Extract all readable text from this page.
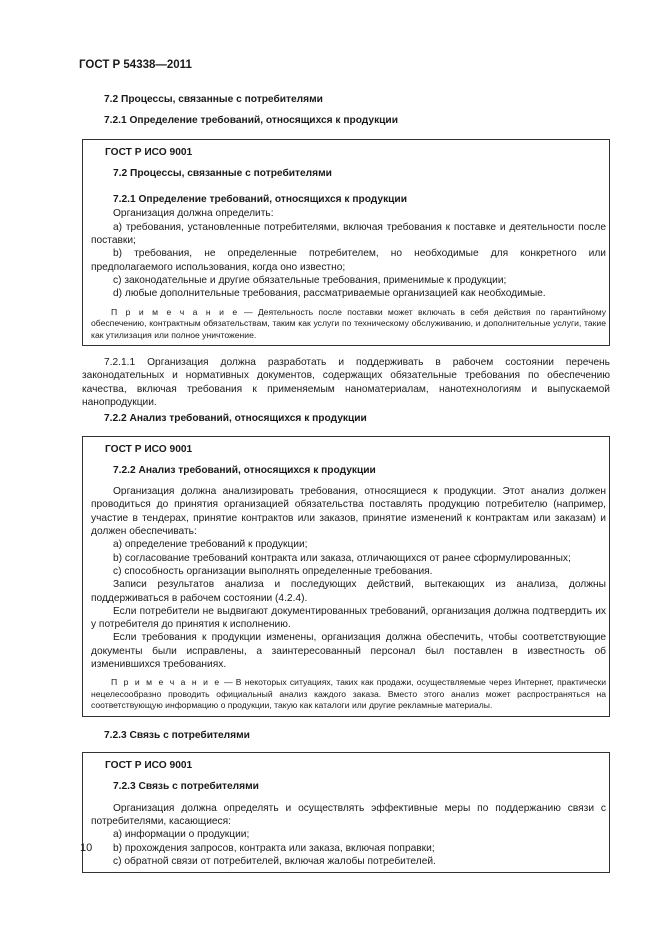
ГОСТ Р 54338—2011

7.2 Процессы, связанные с потребителями

7.2.1 Определение требований, относящихся к продукции

ГОСТ Р ИСО 9001

7.2 Процессы, связанные с потребителями

7.2.1 Определение требований, относящихся к продукции

Организация должна определить:

a) требования, установленные потребителями, включая требования к поставке и деятельности после поставки;

b) требования, не определенные потребителем, но необходимые для конкретного или предполагаемого использования, когда оно известно;

c) законодательные и другие обязательные требования, применимые к продукции;

d) любые дополнительные требования, рассматриваемые организацией как необходимые.

П р и м е ч а н и е — Деятельность после поставки может включать в себя действия по гарантийному обеспечению, контрактным обязательствам, таким как услуги по техническому обслуживанию, и дополнительные услуги, такие как утилизация или полное уничтожение.

7.2.1.1 Организация должна разработать и поддерживать в рабочем состоянии перечень законодательных и нормативных документов, содержащих обязательные требования по обеспечению качества, включая требования к применяемым наноматериалам, нанотехнологиям и выпускаемой нанопродукции.

7.2.2 Анализ требований, относящихся к продукции

ГОСТ Р ИСО 9001

7.2.2 Анализ требований, относящихся к продукции

Организация должна анализировать требования, относящиеся к продукции. Этот анализ должен проводиться до принятия организацией обязательства поставлять продукцию потребителю (например, участие в тендерах, принятие контрактов или заказов, принятие изменений к контрактам или заказам) и должен обеспечивать:

a) определение требований к продукции;

b) согласование требований контракта или заказа, отличающихся от ранее сформулированных;

c) способность организации выполнять определенные требования.

Записи результатов анализа и последующих действий, вытекающих из анализа, должны поддерживаться в рабочем состоянии (4.2.4).

Если потребители не выдвигают документированных требований, организация должна подтвердить их у потребителя до принятия к исполнению.

Если требования к продукции изменены, организация должна обеспечить, чтобы соответствующие документы были исправлены, а заинтересованный персонал был поставлен в известность об изменившихся требованиях.

П р и м е ч а н и е — В некоторых ситуациях, таких как продажи, осуществляемые через Интернет, практически нецелесообразно проводить официальный анализ каждого заказа. Вместо этого анализ может распространяться на соответствующую информацию о продукции, такую как каталоги или другие рекламные материалы.

7.2.3 Связь с потребителями

ГОСТ Р ИСО 9001

7.2.3 Связь с потребителями

Организация должна определять и осуществлять эффективные меры по поддержанию связи с потребителями, касающиеся:

a) информации о продукции;

b) прохождения запросов, контракта или заказа, включая поправки;

c) обратной связи от потребителей, включая жалобы потребителей.

10
